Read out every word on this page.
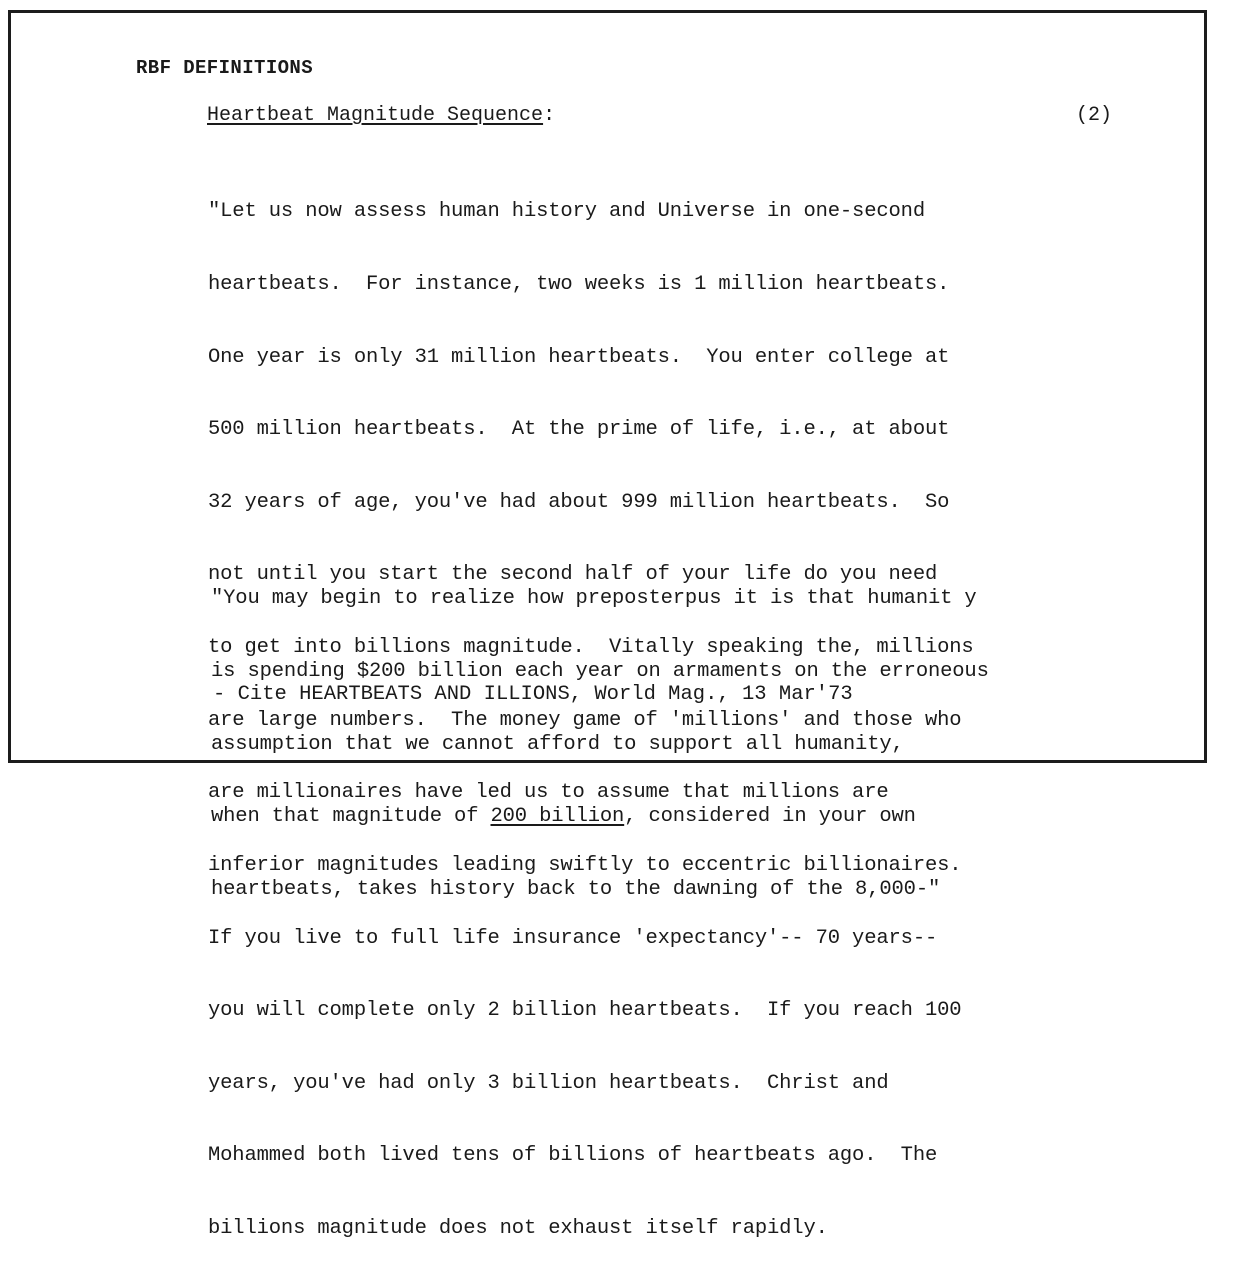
RBF DEFINITIONS
Heartbeat Magnitude Sequence:	(2)

"Let us now assess human history and Universe in one-second

heartbeats.  For instance, two weeks is 1 million heartbeats.

One year is only 31 million heartbeats.  You enter college at

500 million heartbeats.  At the prime of life, i.e., at about

32 years of age, you've had about 999 million heartbeats.  So

not until you start the second half of your life do you need

to get into billions magnitude.  Vitally speaking the, millions

are large numbers.  The money game of 'millions' and those who

are millionaires have led us to assume that millions are

inferior magnitudes leading swiftly to eccentric billionaires.

If you live to full life insurance 'expectancy'-- 70 years--

you will complete only 2 billion heartbeats.  If you reach 100

years, you've had only 3 billion heartbeats.  Christ and

Mohammed both lived tens of billions of heartbeats ago.  The

billions magnitude does not exhaust itself rapidly.

"You may begin to realize how preposterpus it is that humanit y

is spending $200 billion each year on armaments on the erroneous

assumption that we cannot afford to support all humanity,

when that magnitude of 200 billion, considered in your own

heartbeats, takes history back to the dawning of the 8,000-"

- Cite HEARTBEATS AND ILLIONS, World Mag., 13 Mar'73
